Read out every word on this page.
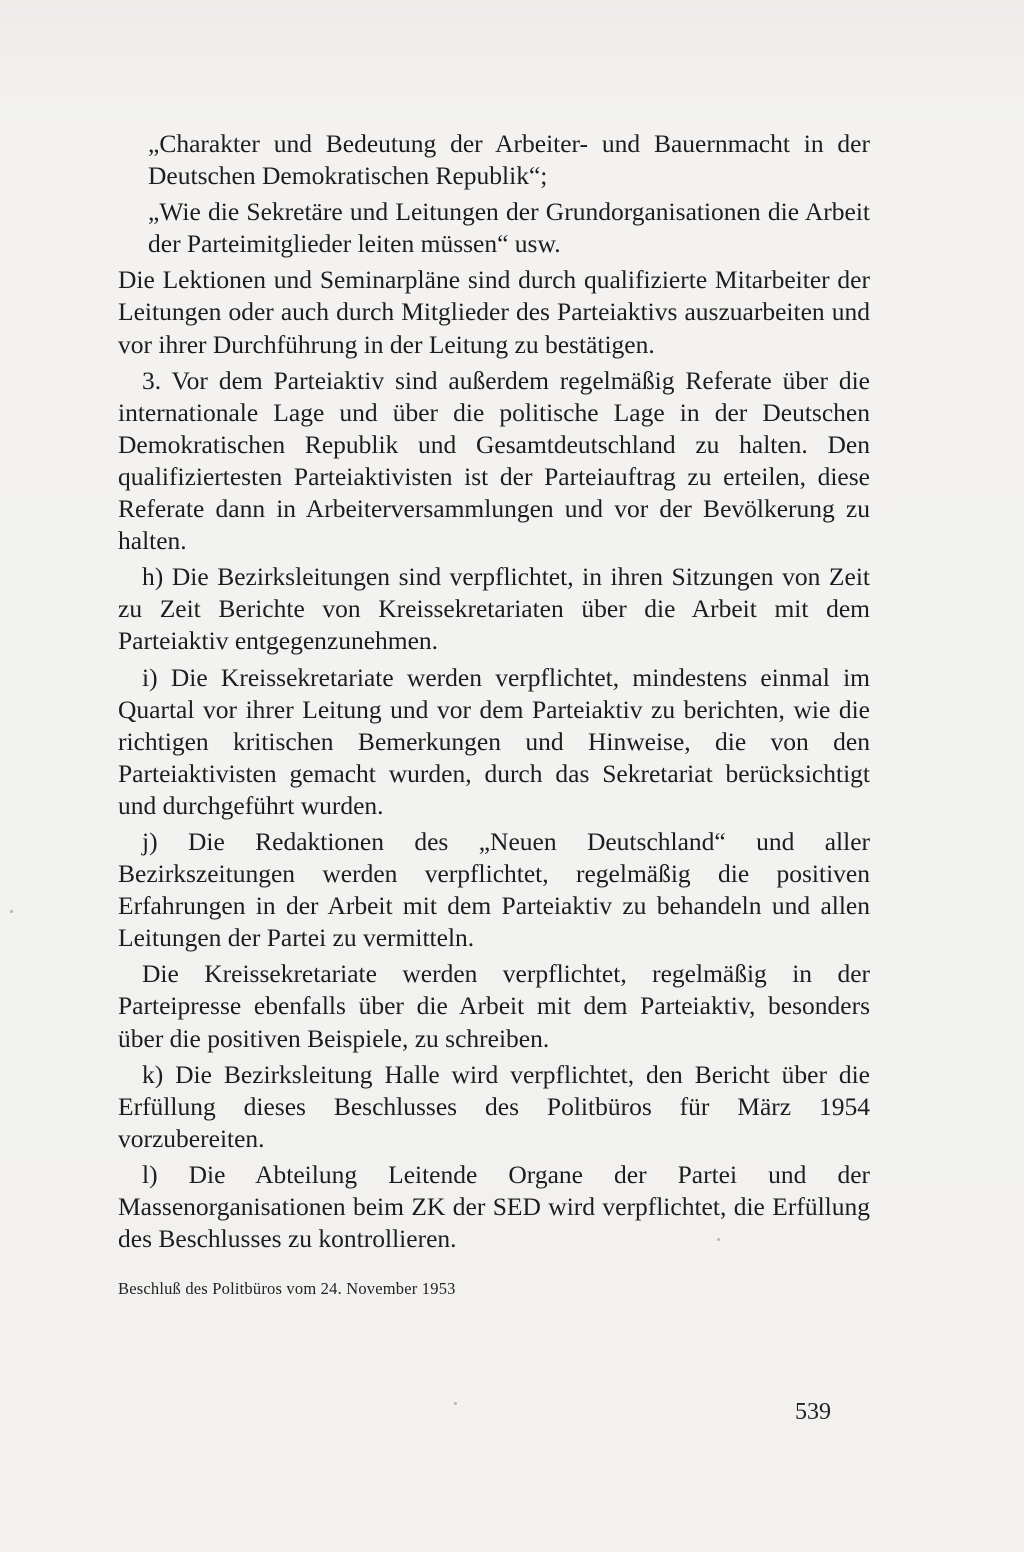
„Charakter und Bedeutung der Arbeiter- und Bauernmacht in der Deutschen Demokratischen Republik“;

„Wie die Sekretäre und Leitungen der Grundorganisationen die Arbeit der Parteimitglieder leiten müssen“ usw.

Die Lektionen und Seminarpläne sind durch qualifizierte Mitarbeiter der Leitungen oder auch durch Mitglieder des Parteiaktivs auszuarbeiten und vor ihrer Durchführung in der Leitung zu bestätigen.

3. Vor dem Parteiaktiv sind außerdem regelmäßig Referate über die internationale Lage und über die politische Lage in der Deutschen Demokratischen Republik und Gesamtdeutschland zu halten. Den qualifiziertesten Parteiaktivisten ist der Parteiauftrag zu erteilen, diese Referate dann in Arbeiterversammlungen und vor der Bevölkerung zu halten.

h) Die Bezirksleitungen sind verpflichtet, in ihren Sitzungen von Zeit zu Zeit Berichte von Kreissekretariaten über die Arbeit mit dem Parteiaktiv entgegenzunehmen.

i) Die Kreissekretariate werden verpflichtet, mindestens einmal im Quartal vor ihrer Leitung und vor dem Parteiaktiv zu berichten, wie die richtigen kritischen Bemerkungen und Hinweise, die von den Parteiaktivisten gemacht wurden, durch das Sekretariat berücksichtigt und durchgeführt wurden.

j) Die Redaktionen des „Neuen Deutschland“ und aller Bezirkszeitungen werden verpflichtet, regelmäßig die positiven Erfahrungen in der Arbeit mit dem Parteiaktiv zu behandeln und allen Leitungen der Partei zu vermitteln.

Die Kreissekretariate werden verpflichtet, regelmäßig in der Parteipresse ebenfalls über die Arbeit mit dem Parteiaktiv, besonders über die positiven Beispiele, zu schreiben.

k) Die Bezirksleitung Halle wird verpflichtet, den Bericht über die Erfüllung dieses Beschlusses des Politbüros für März 1954 vorzubereiten.

l) Die Abteilung Leitende Organe der Partei und der Massenorganisationen beim ZK der SED wird verpflichtet, die Erfüllung des Beschlusses zu kontrollieren.

Beschluß des Politbüros vom 24. November 1953
539
